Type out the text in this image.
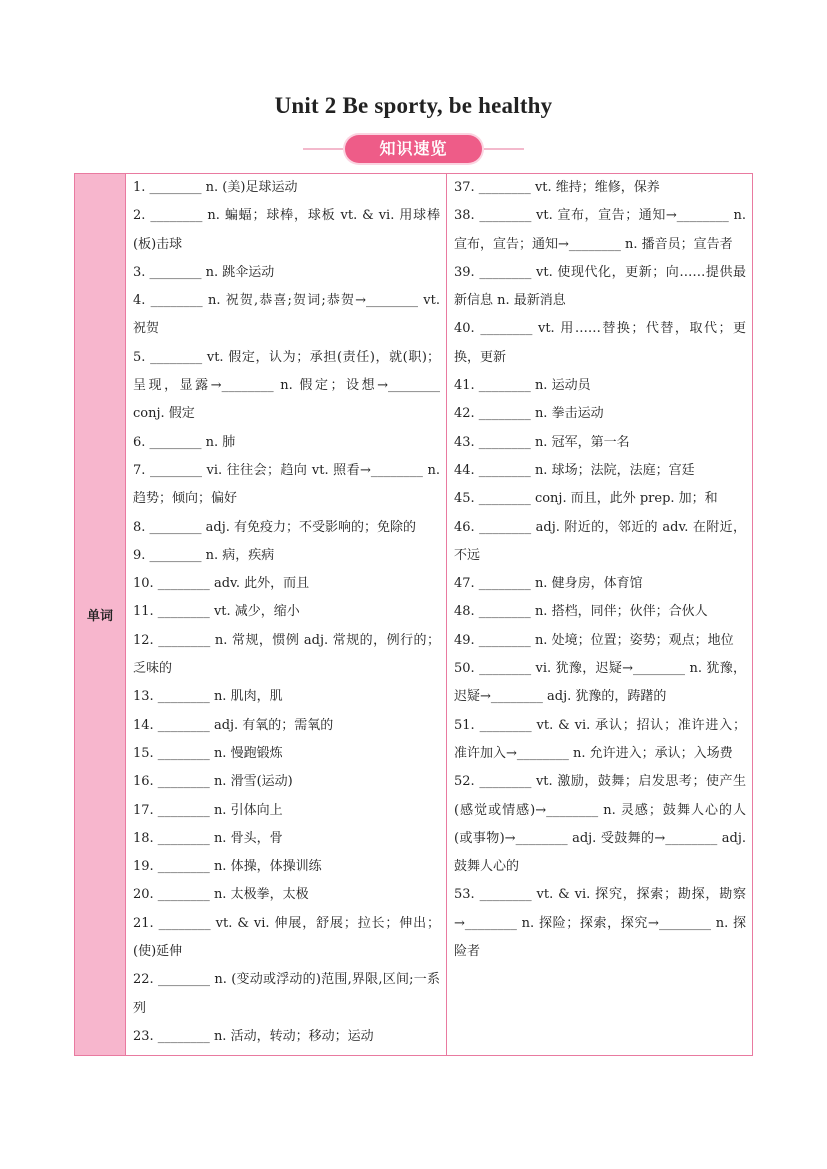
Unit 2 Be sporty, be healthy
知识速览
单词	

1. ________ n. (美)足球运动

2. ________ n. 蝙蝠；球棒，球板 vt. & vi. 用球棒(板)击球

3. ________ n. 跳伞运动

4. ________ n. 祝贺,恭喜;贺词;恭贺→________ vt. 祝贺

5. ________ vt. 假定，认为；承担(责任)，就(职)；呈现，显露→________ n. 假定；设想→________ conj. 假定

6. ________ n. 肺

7. ________ vi. 往往会；趋向 vt. 照看→________ n. 趋势；倾向；偏好

8. ________ adj. 有免疫力；不受影响的；免除的

9. ________ n. 病，疾病

10. ________ adv. 此外，而且

11. ________ vt. 减少，缩小

12. ________ n. 常规，惯例 adj. 常规的，例行的；乏味的

13. ________ n. 肌肉，肌

14. ________ adj. 有氧的；需氧的

15. ________ n. 慢跑锻炼

16. ________ n. 滑雪(运动)

17. ________ n. 引体向上

18. ________ n. 骨头，骨

19. ________ n. 体操，体操训练

20. ________ n. 太极拳，太极

21. ________ vt. & vi. 伸展，舒展；拉长；伸出；(使)延伸

22. ________ n. (变动或浮动的)范围,界限,区间;一系列

23. ________ n. 活动，转动；移动；运动

37. ________ vt. 维持；维修，保养

38. ________ vt. 宣布，宣告；通知→________ n. 宣布，宣告；通知→________ n. 播音员；宣告者

39. ________ vt. 使现代化，更新；向……提供最新信息 n. 最新消息

40. ________ vt. 用……替换；代替，取代；更换，更新

41. ________ n. 运动员

42. ________ n. 拳击运动

43. ________ n. 冠军，第一名

44. ________ n. 球场；法院，法庭；宫廷

45. ________ conj. 而且，此外 prep. 加；和

46. ________ adj. 附近的，邻近的 adv. 在附近，不远

47. ________ n. 健身房，体育馆

48. ________ n. 搭档，同伴；伙伴；合伙人

49. ________ n. 处境；位置；姿势；观点；地位

50. ________ vi. 犹豫，迟疑→________ n. 犹豫，迟疑→________ adj. 犹豫的，踌躇的

51. ________ vt. & vi. 承认；招认；准许进入；准许加入→________ n. 允许进入；承认；入场费

52. ________ vt. 激励，鼓舞；启发思考；使产生(感觉或情感)→________ n. 灵感；鼓舞人心的人(或事物)→________ adj. 受鼓舞的→________ adj. 鼓舞人心的

53. ________ vt. & vi. 探究，探索；勘探，勘察→________ n. 探险；探索，探究→________ n. 探险者
